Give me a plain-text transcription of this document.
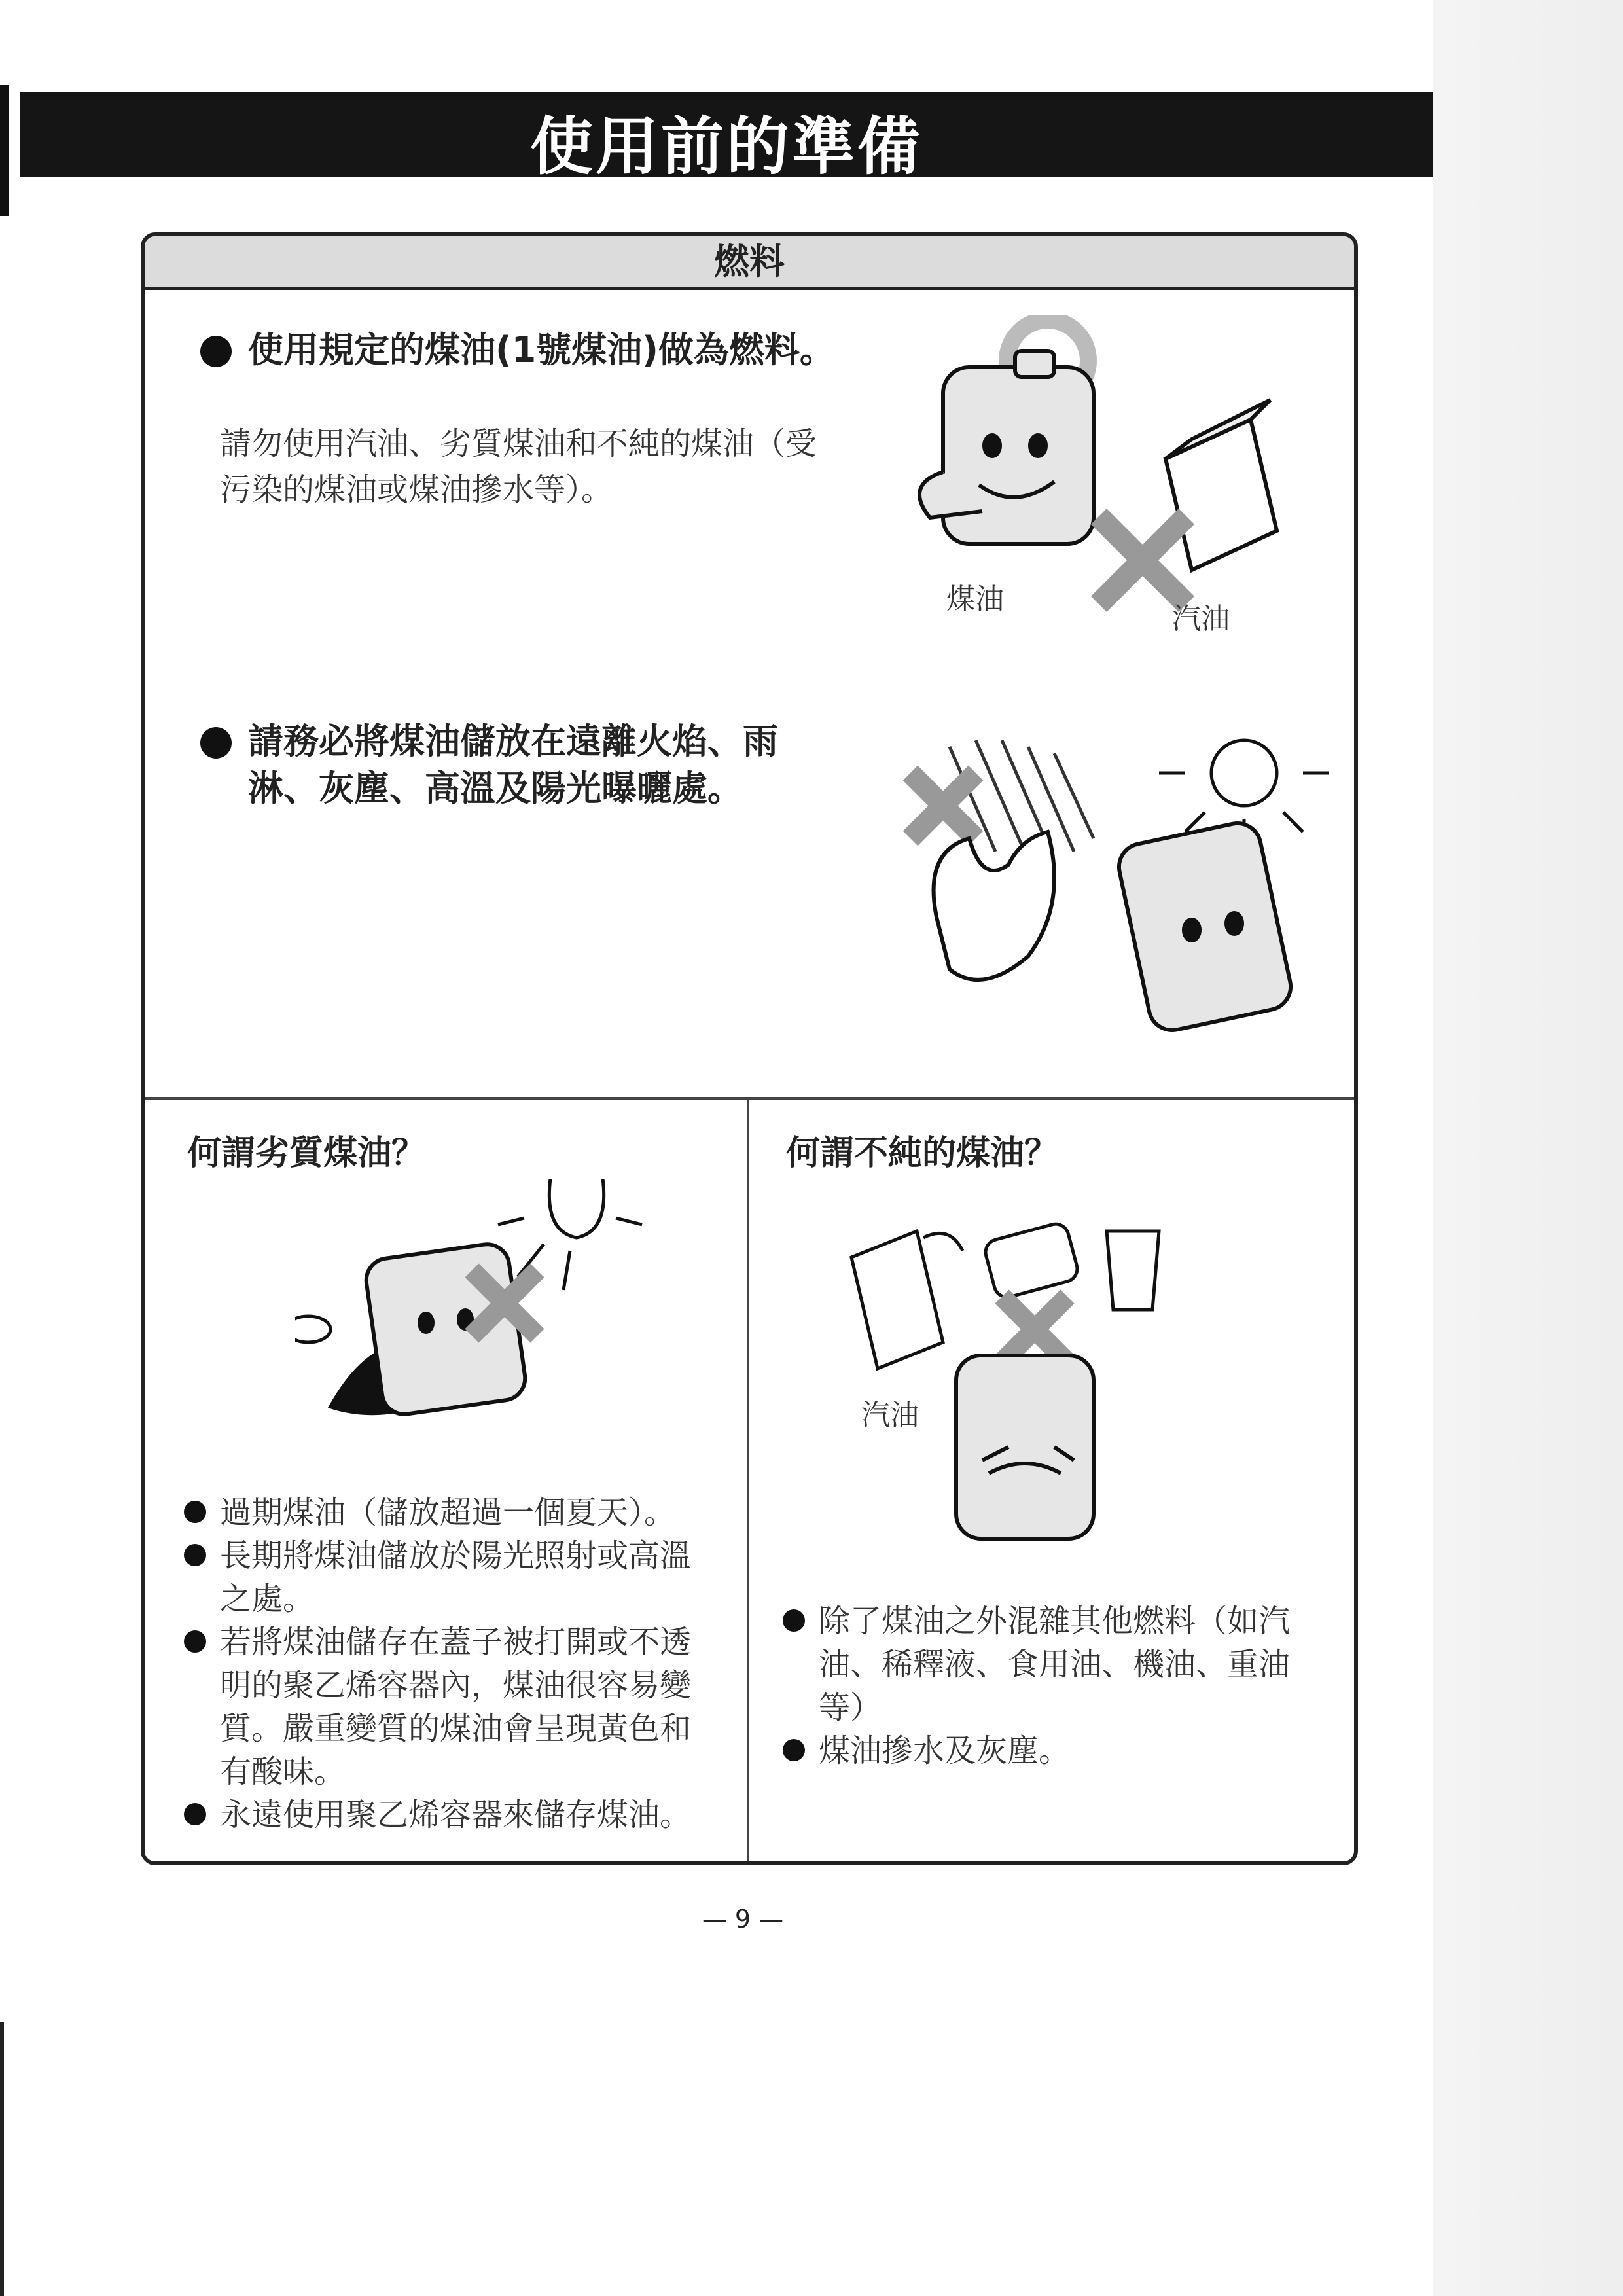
使用前的準備
燃料
使用規定的煤油(1號煤油)做為燃料。
請勿使用汽油、劣質煤油和不純的煤油（受
污染的煤油或煤油摻水等）。
煤油
汽油
請務必將煤油儲放在遠離火焰、雨
淋、灰塵、高溫及陽光曝曬處。
何謂劣質煤油？
過期煤油（儲放超過一個夏天）。
長期將煤油儲放於陽光照射或高溫
之處。
若將煤油儲存在蓋子被打開或不透
明的聚乙烯容器內，煤油很容易變
質。嚴重變質的煤油會呈現黃色和
有酸味。
永遠使用聚乙烯容器來儲存煤油。
何謂不純的煤油？
汽油
除了煤油之外混雜其他燃料（如汽
油、稀釋液、食用油、機油、重油
等）
煤油摻水及灰塵。
— 9 —
